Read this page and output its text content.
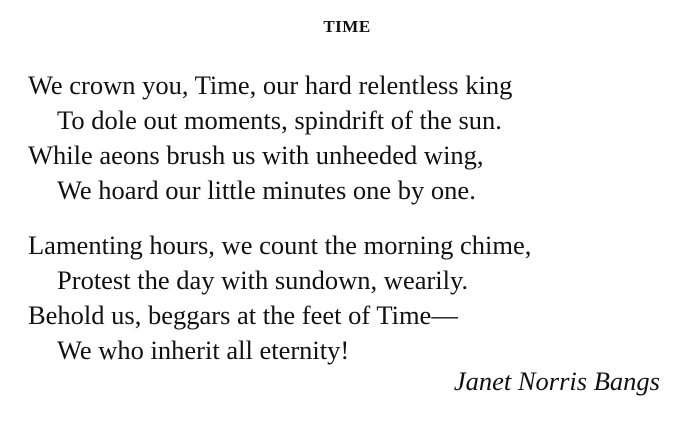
TIME
We crown you, Time, our hard relentless king
To dole out moments, spindrift of the sun.
While aeons brush us with unheeded wing,
We hoard our little minutes one by one.
Lamenting hours, we count the morning chime,
Protest the day with sundown, wearily.
Behold us, beggars at the feet of Time—
We who inherit all eternity!
Janet Norris Bangs
